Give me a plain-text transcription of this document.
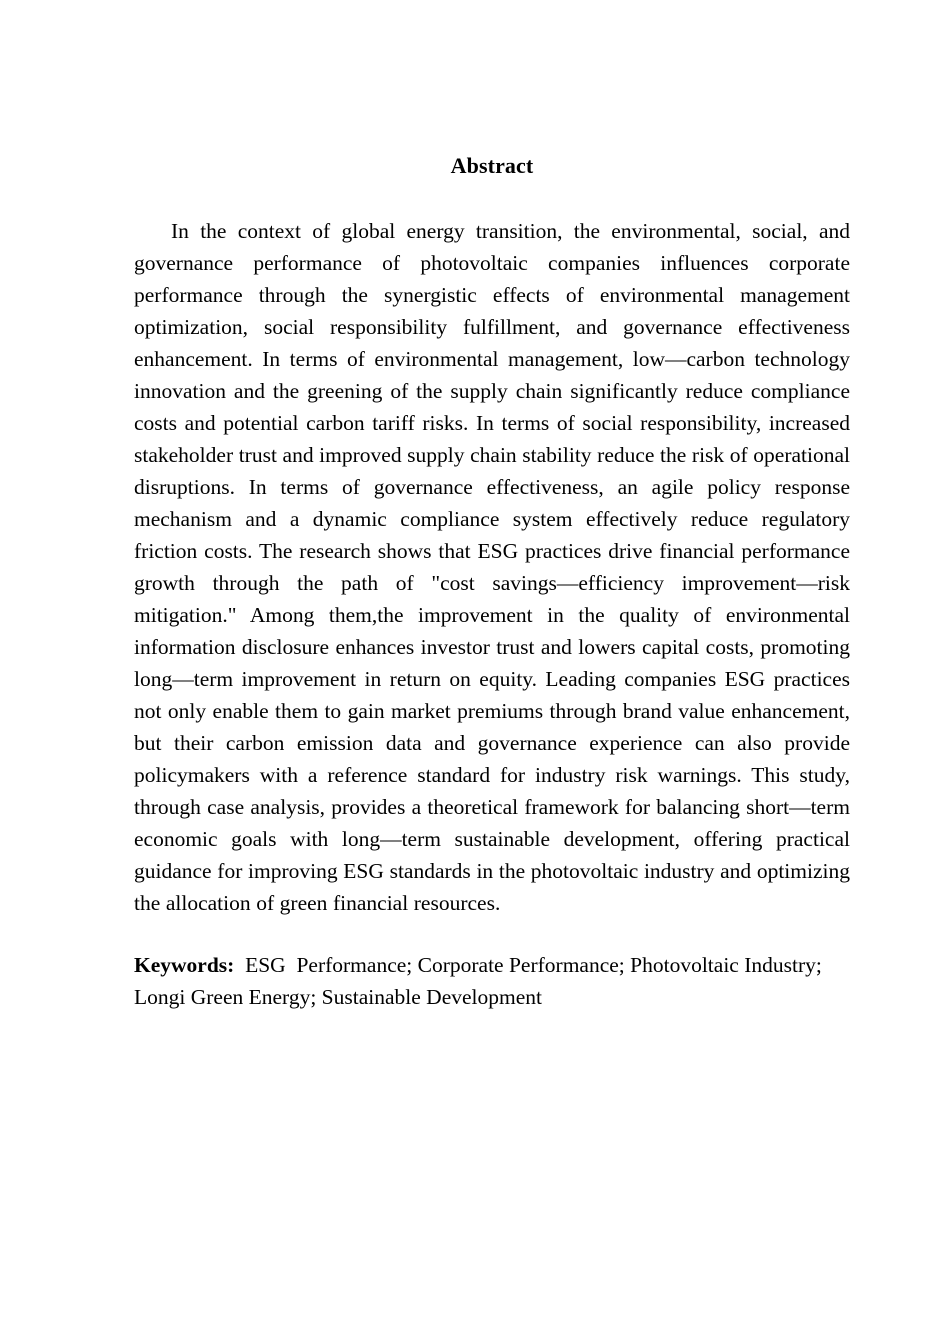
Abstract

In the context of global energy transition, the environmental, social, and governance performance of photovoltaic companies influences corporate performance through the synergistic effects of environmental management optimization, social responsibility fulfillment, and governance effectiveness enhancement. In terms of environmental management, low—carbon technology innovation and the greening of the supply chain significantly reduce compliance costs and potential carbon tariff risks. In terms of social responsibility, increased stakeholder trust and improved supply chain stability reduce the risk of operational disruptions. In terms of governance effectiveness, an agile policy response mechanism and a dynamic compliance system effectively reduce regulatory friction costs. The research shows that ESG practices drive financial performance growth through the path of "cost savings—efficiency improvement—risk mitigation." Among them,the improvement in the quality of environmental information disclosure enhances investor trust and lowers capital costs, promoting long—term improvement in return on equity. Leading companies ESG practices not only enable them to gain market premiums through brand value enhancement, but their carbon emission data and governance experience can also provide policymakers with a reference standard for industry risk warnings. This study, through case analysis, provides a theoretical framework for balancing short—term economic goals with long—term sustainable development, offering practical guidance for improving ESG standards in the photovoltaic industry and optimizing the allocation of green financial resources.

Keywords:  ESG  Performance; Corporate Performance; Photovoltaic Industry; Longi Green Energy; Sustainable Development
